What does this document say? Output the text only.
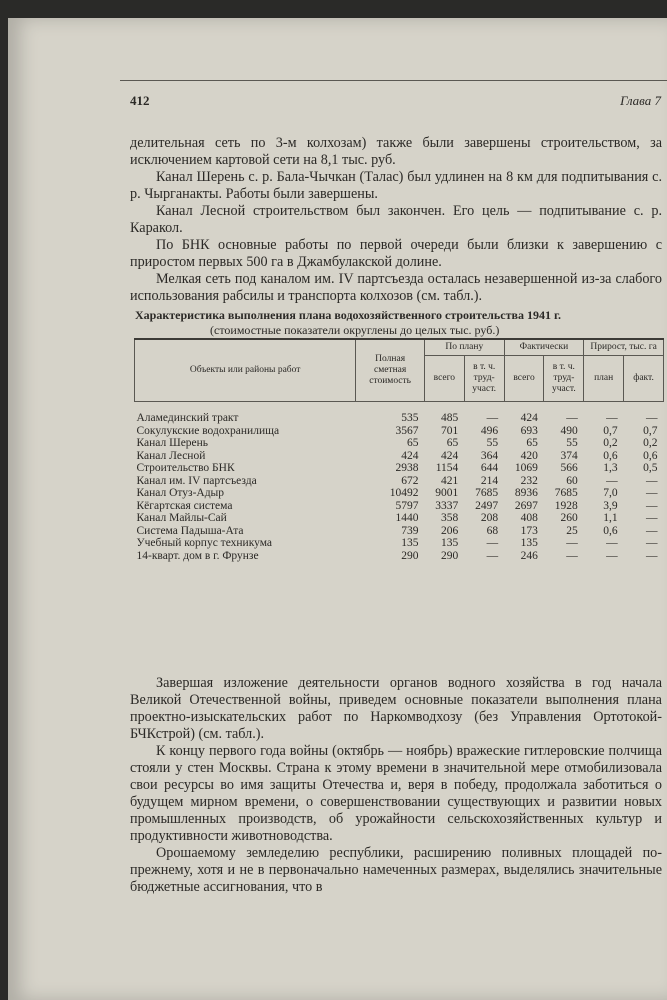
412	Глава 7

делительная сеть по 3-м колхозам) также были завершены строительством, за исключением картовой сети на 8,1 тыс. руб.

Канал Шерень с. р. Бала-Чычкан (Талас) был удлинен на 8 км для подпитывания с. р. Чырганакты. Работы были завершены.

Канал Лесной строительством был закончен. Его цель — подпитывание с. р. Каракол.

По БНК основные работы по первой очереди были близки к завершению с приростом первых 500 га в Джамбулакской долине.

Мелкая сеть под каналом им. IV партсъезда осталась незавершенной из-за слабого использования рабсилы и транспорта колхозов (см. табл.).

Характеристика выполнения плана водохозяйственного строительства 1941 г.
(стоимостные показатели округлены до целых тыс. руб.)
Объекты или районы работ	Полная сметная стоимость	По плану		Фактически		Прирост, тыс. га	
		всего	в т. ч. труд-участ.	всего	в т. ч. труд-участ.	план	факт.
Аламединский тракт	535	485	—	424	—	—	—
Сокулукские водохранилища	3567	701	496	693	490	0,7	0,7
Канал Шерень	65	65	55	65	55	0,2	0,2
Канал Лесной	424	424	364	420	374	0,6	0,6
Строительство БНК	2938	1154	644	1069	566	1,3	0,5
Канал им. IV партсъезда	672	421	214	232	60	—	—
Канал Отуз-Адыр	10492	9001	7685	8936	7685	7,0	—
Кёгартская система	5797	3337	2497	2697	1928	3,9	—
Канал Майлы-Сай	1440	358	208	408	260	1,1	—
Система Падыша-Ата	739	206	68	173	25	0,6	—
Учебный корпус техникума	135	135	—	135	—	—	—
14-кварт. дом в г. Фрунзе	290	290	—	246	—	—	—

Завершая изложение деятельности органов водного хозяйства в год начала Великой Отечественной войны, приведем основные показатели выполнения плана проектно-изыскательских работ по Наркомводхозу (без Управления Ортотокой-БЧКстрой) (см. табл.).

К концу первого года войны (октябрь — ноябрь) вражеские гитлеровские полчища стояли у стен Москвы. Страна к этому времени в значительной мере отмобилизовала свои ресурсы во имя защиты Отечества и, веря в победу, продолжала заботиться о будущем мирном времени, о совершенствовании существующих и развитии новых промышленных производств, об урожайности сельскохозяйственных культур и продуктивности животноводства.

Орошаемому земледелию республики, расширению поливных площадей по-прежнему, хотя и не в первоначально намеченных размерах, выделялись значительные бюджетные ассигнования, что в
